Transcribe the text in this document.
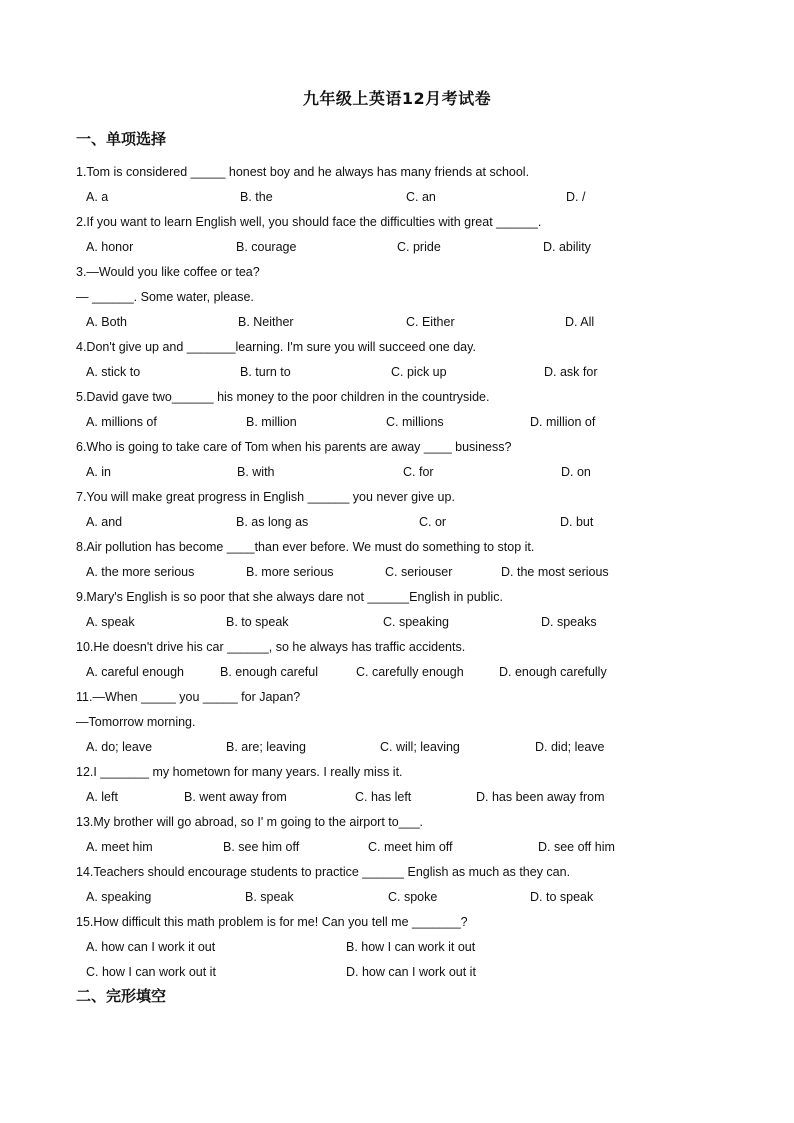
九年级上英语12月考试卷
一、单项选择
1.Tom is considered _____ honest boy and he always has many friends at school.
A. a	B. the	C. an	D. /
2.If you want to learn English well, you should face the difficulties with great ______.
A. honor	B. courage	C. pride	D. ability
3.—Would you like coffee or tea?
— ______. Some water, please.
A. Both	B. Neither	C. Either	D. All
4.Don't give up and _______learning. I'm sure you will succeed one day.
A. stick to	B. turn to	C. pick up	D. ask for
5.David gave two______ his money to the poor children in the countryside.
A. millions of	B. million	C. millions	D. million of
6.Who is going to take care of Tom when his parents are away ____ business?
A. in	B. with	C. for	D. on
7.You will make great progress in English ______ you never give up.
A. and	B. as long as	C. or	D. but
8.Air pollution has become ____than ever before. We must do something to stop it.
A. the more serious	B. more serious	C. seriouser	D. the most serious
9.Mary's English is so poor that she always dare not ______English in public.
A. speak	B. to speak	C. speaking	D. speaks
10.He doesn't drive his car ______, so he always has traffic accidents.
A. careful enough	B. enough careful	C. carefully enough	D. enough carefully
11.—When _____ you _____ for Japan?
—Tomorrow morning.
A. do; leave	B. are; leaving	C. will; leaving	D. did; leave
12.I _______ my hometown for many years. I really miss it.
A. left	B. went away from	C. has left	D. has been away from
13.My brother will go abroad, so I' m going to the airport to___.
A. meet him	B. see him off	C. meet him off	D. see off him
14.Teachers should encourage students to practice ______ English as much as they can.
A. speaking	B. speak	C. spoke	D. to speak
15.How difficult this math problem is for me! Can you tell me _______?
A. how can I work it out	B. how I can work it out
C. how I can work out it	D. how can I work out it
二、完形填空
